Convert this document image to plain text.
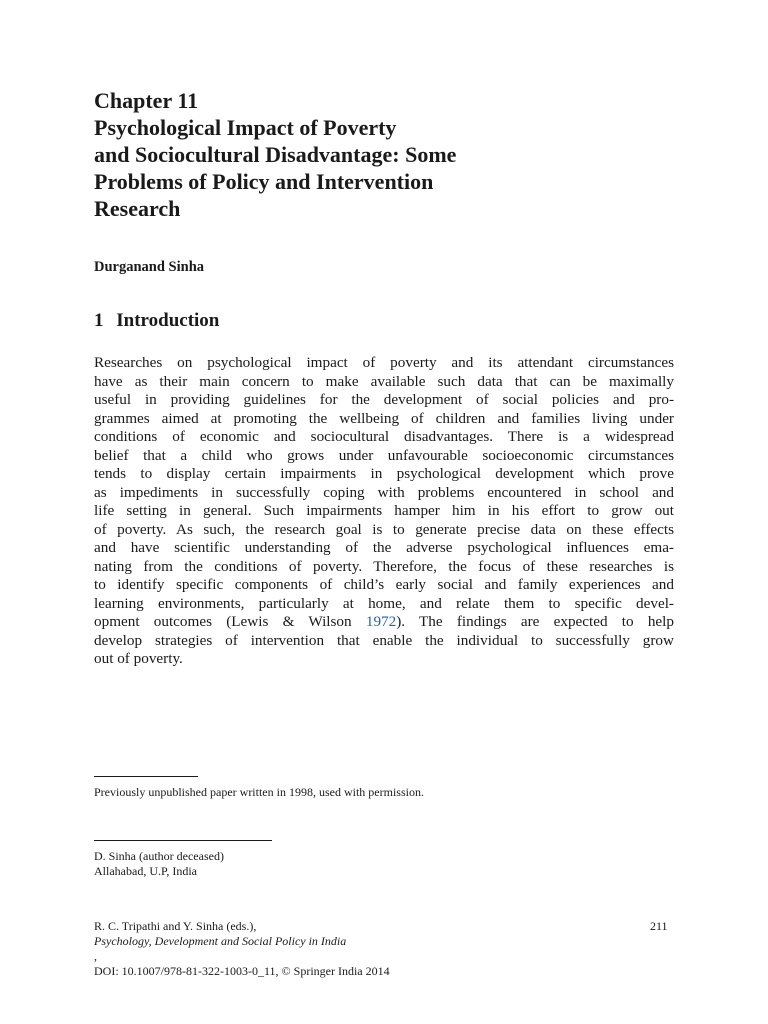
Chapter 11
Psychological Impact of Poverty
and Sociocultural Disadvantage: Some
Problems of Policy and Intervention
Research

Durganand Sinha

1 Introduction
Researches on psychological impact of poverty and its attendant circumstances
have as their main concern to make available such data that can be maximally
useful in providing guidelines for the development of social policies and pro-
grammes aimed at promoting the wellbeing of children and families living under
conditions of economic and sociocultural disadvantages. There is a widespread
belief that a child who grows under unfavourable socioeconomic circumstances
tends to display certain impairments in psychological development which prove
as impediments in successfully coping with problems encountered in school and
life setting in general. Such impairments hamper him in his effort to grow out
of poverty. As such, the research goal is to generate precise data on these effects
and have scientific understanding of the adverse psychological influences ema-
nating from the conditions of poverty. Therefore, the focus of these researches is
to identify specific components of child’s early social and family experiences and
learning environments, particularly at home, and relate them to specific devel-
opment outcomes (Lewis & Wilson 1972). The findings are expected to help
develop strategies of intervention that enable the individual to successfully grow
out of poverty.

Previously unpublished paper written in 1998, used with permission.

D. Sinha (author deceased)
Allahabad, U.P, India

R. C. Tripathi and Y. Sinha (eds.),
Psychology, Development and Social Policy in India
,
DOI: 10.1007/978-81-322-1003-0_11, © Springer India 2014

211
